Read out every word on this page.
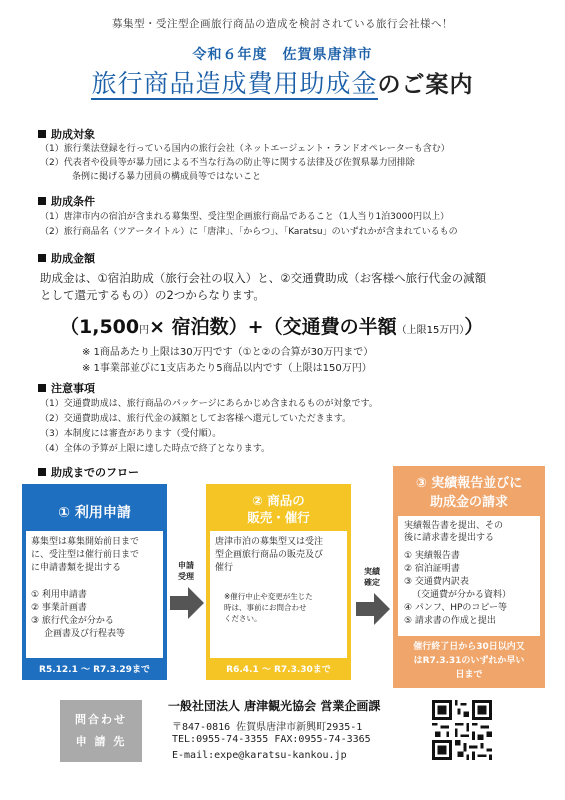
募集型・受注型企画旅行商品の造成を検討されている旅行会社様へ！
令和６年度　佐賀県唐津市
旅行商品造成費用助成金のご案内
助成対象
（1）旅行業法登録を行っている国内の旅行会社（ネットエージェント・ランドオペレーターも含む）
（2）代表者や役員等が暴力団による不当な行為の防止等に関する法律及び佐賀県暴力団排除
条例に掲げる暴力団員の構成員等ではないこと
助成条件
（1）唐津市内の宿泊が含まれる募集型、受注型企画旅行商品であること（1人当り1泊3000円以上）
（2）旅行商品名（ツアータイトル）に「唐津」、「からつ」、「Karatsu」のいずれかが含まれているもの
助成金額
助成金は、①宿泊助成（旅行会社の収入）と、②交通費助成（お客様へ旅行代金の減額
として還元するもの）の2つからなります。
（1,500円× 宿泊数）+（交通費の半額（上限15万円））
※ 1商品あたり上限は30万円です（①と②の合算が30万円まで）
※ 1事業部並びに1支店あたり5商品以内です（上限は150万円）
注意事項
（1）交通費助成は、旅行商品のパッケージにあらかじめ含まれるものが対象です。
（2）交通費助成は、旅行代金の減額としてお客様へ還元していただきます。
（3）本制度には審査があります（受付順）。
（4）全体の予算が上限に達した時点で終了となります。
助成までのフロー
① 利用申請
募集型は募集開始前日まで
に、受注型は催行前日まで
に申請書類を提出する
① 利用申請書
② 事業計画書
③ 旅行代金が分かる
企画書及び行程表等
R5.12.1 ～ R7.3.29まで
申請
受理
② 商品の
販売・催行
唐津市泊の募集型又は受注
型企画旅行商品の販売及び
催行
※催行中止や変更が生じた
時は、事前にお問合わせ
ください。
R6.4.1 ～ R7.3.30まで
実績
確定
③ 実績報告並びに
助成金の請求
実績報告書を提出、その
後に請求書を提出する
① 実績報告書
② 宿泊証明書
③ 交通費内訳表
（交通費が分かる資料）
④ パンフ、HPのコピー等
⑤ 請求書の作成と提出
催行終了日から30日以内又
はR7.3.31のいずれか早い
日まで
問合わせ
申 請 先
一般社団法人 唐津観光協会 営業企画課
〒847-0816 佐賀県唐津市新興町2935-1
TEL:0955-74-3355 FAX:0955-74-3365
E-mail:expe@karatsu-kankou.jp
